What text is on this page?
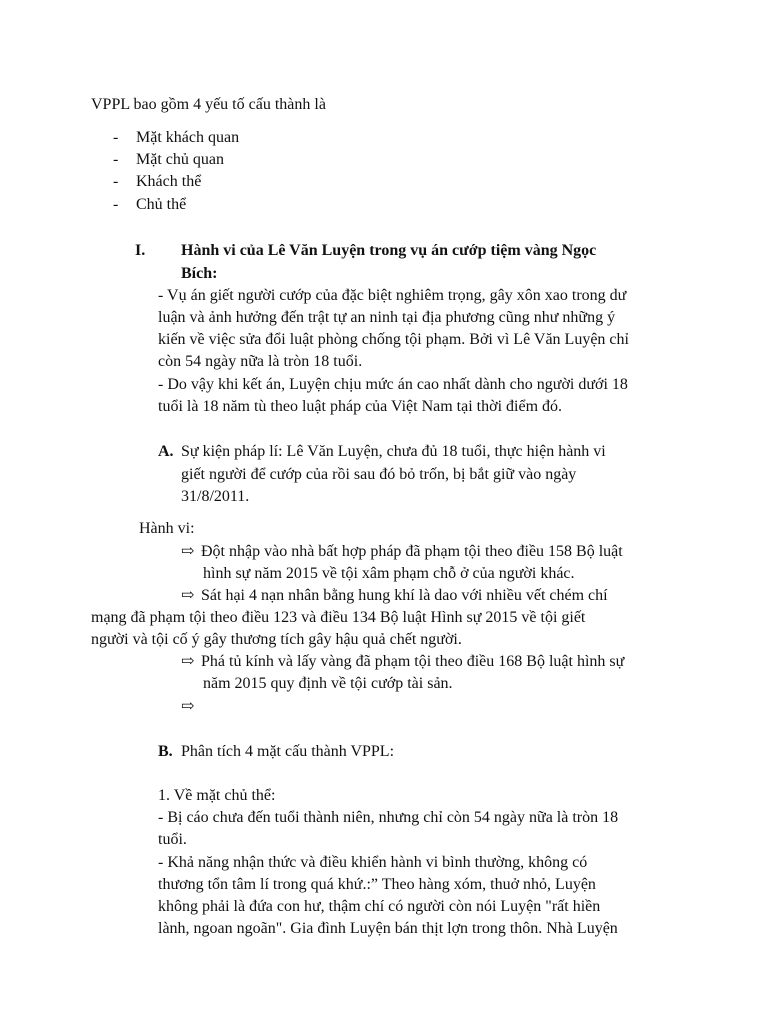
VPPL bao gồm 4 yếu tố cấu thành là
- Mặt khách quan
- Mặt chủ quan
- Khách thể
- Chủ thể
I. Hành vi của Lê Văn Luyện trong vụ án cướp tiệm vàng Ngọc
Bích:
- Vụ án giết người cướp của đặc biệt nghiêm trọng, gây xôn xao trong dư
luận và ảnh hưởng đến trật tự an ninh tại địa phương cũng như những ý
kiến về việc sửa đổi luật phòng chống tội phạm. Bởi vì Lê Văn Luyện chỉ
còn 54 ngày nữa là tròn 18 tuổi.
- Do vậy khi kết án, Luyện chịu mức án cao nhất dành cho người dưới 18
tuổi là 18 năm tù theo luật pháp của Việt Nam tại thời điểm đó.
A. Sự kiện pháp lí: Lê Văn Luyện, chưa đủ 18 tuổi, thực hiện hành vi
giết người để cướp của rồi sau đó bỏ trốn, bị bắt giữ vào ngày
31/8/2011.
Hành vi:
⇨ Đột nhập vào nhà bất hợp pháp đã phạm tội theo điều 158 Bộ luật
hình sự năm 2015 về tội xâm phạm chỗ ở của người khác.
⇨ Sát hại 4 nạn nhân bằng hung khí là dao với nhiều vết chém chí
mạng đã phạm tội theo điều 123 và điều 134 Bộ luật Hình sự 2015 về tội giết
người và tội cố ý gây thương tích gây hậu quả chết người.
⇨ Phá tủ kính và lấy vàng đã phạm tội theo điều 168 Bộ luật hình sự
năm 2015 quy định về tội cướp tài sản.
⇨
B. Phân tích 4 mặt cấu thành VPPL:
1. Về mặt chủ thể:
- Bị cáo chưa đến tuổi thành niên, nhưng chỉ còn 54 ngày nữa là tròn 18
tuổi.
- Khả năng nhận thức và điều khiển hành vi bình thường, không có
thương tổn tâm lí trong quá khứ.:” Theo hàng xóm, thuở nhỏ, Luyện
không phải là đứa con hư, thậm chí có người còn nói Luyện "rất hiền
lành, ngoan ngoãn". Gia đình Luyện bán thịt lợn trong thôn. Nhà Luyện
